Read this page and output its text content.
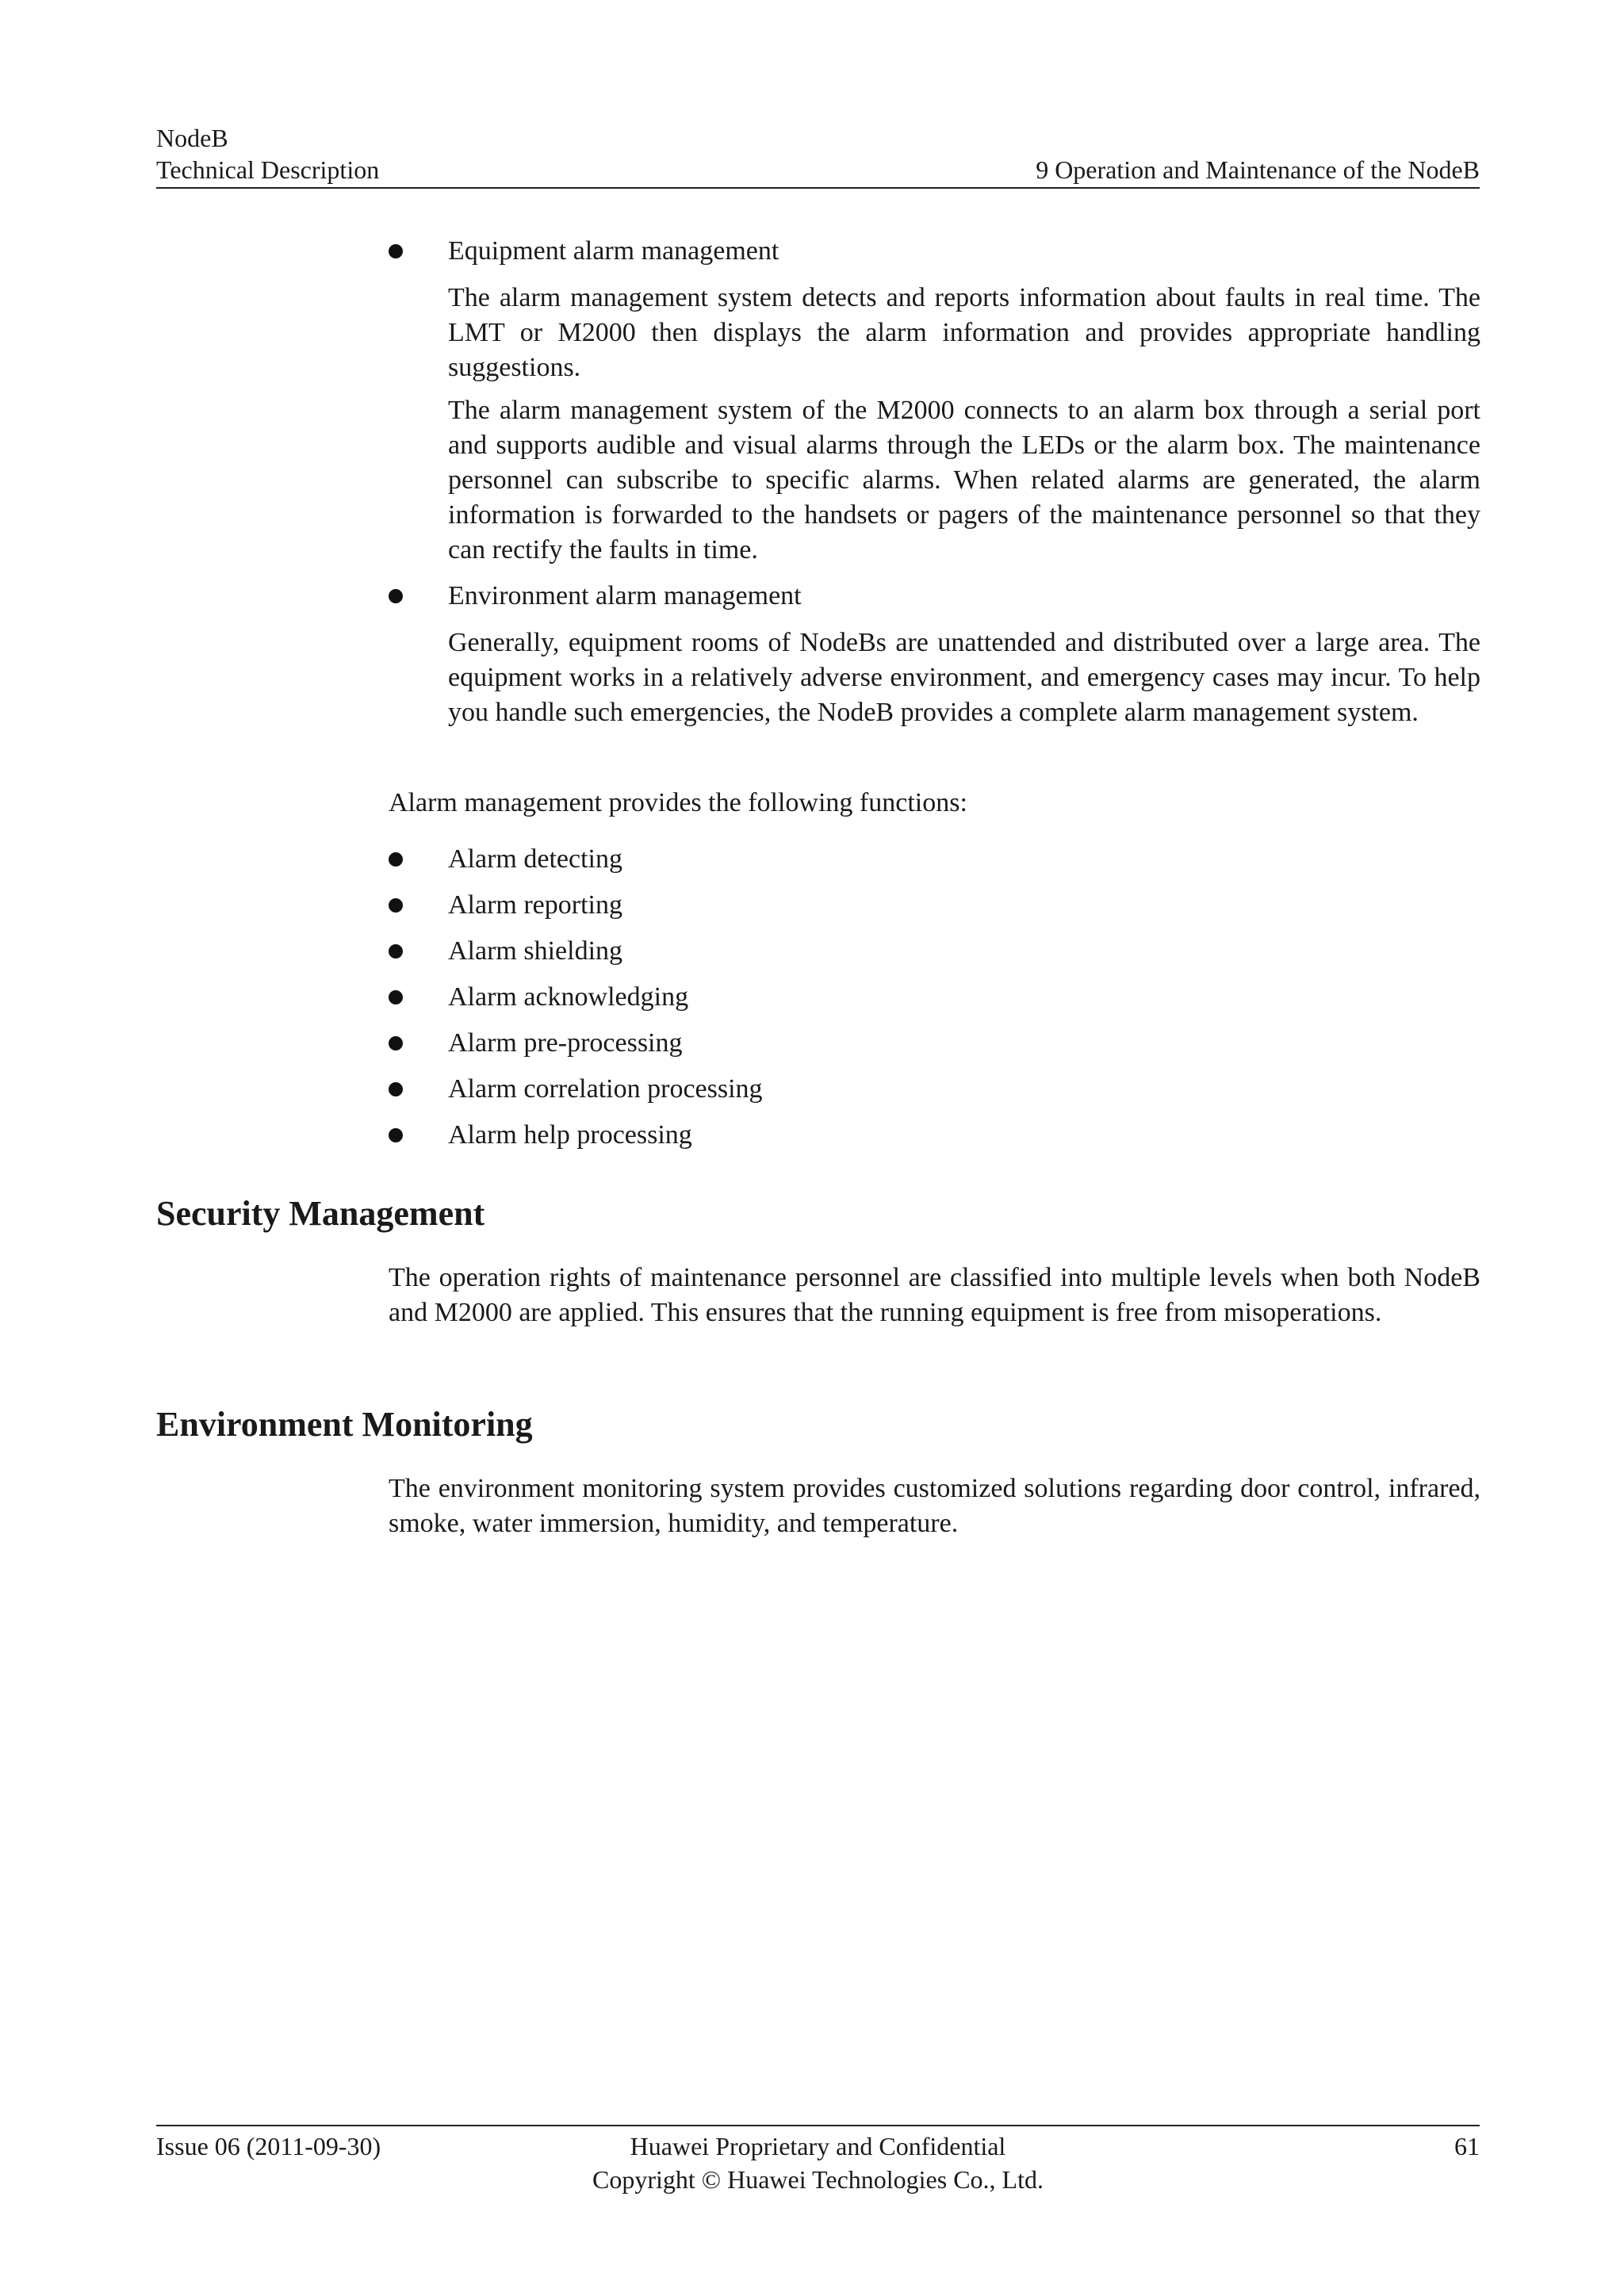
NodeB
Technical Description	9 Operation and Maintenance of the NodeB
Equipment alarm management

The alarm management system detects and reports information about faults in real time. The LMT or M2000 then displays the alarm information and provides appropriate handling suggestions.

The alarm management system of the M2000 connects to an alarm box through a serial port and supports audible and visual alarms through the LEDs or the alarm box. The maintenance personnel can subscribe to specific alarms. When related alarms are generated, the alarm information is forwarded to the handsets or pagers of the maintenance personnel so that they can rectify the faults in time.

Environment alarm management

Generally, equipment rooms of NodeBs are unattended and distributed over a large area. The equipment works in a relatively adverse environment, and emergency cases may incur. To help you handle such emergencies, the NodeB provides a complete alarm management system.

Alarm management provides the following functions:

Alarm detecting
Alarm reporting
Alarm shielding
Alarm acknowledging
Alarm pre-processing
Alarm correlation processing
Alarm help processing
Security Management

The operation rights of maintenance personnel are classified into multiple levels when both NodeB and M2000 are applied. This ensures that the running equipment is free from misoperations.

Environment Monitoring

The environment monitoring system provides customized solutions regarding door control, infrared, smoke, water immersion, humidity, and temperature.

Issue 06 (2011-09-30)	Huawei Proprietary and Confidential
Copyright © Huawei Technologies Co., Ltd.
61
